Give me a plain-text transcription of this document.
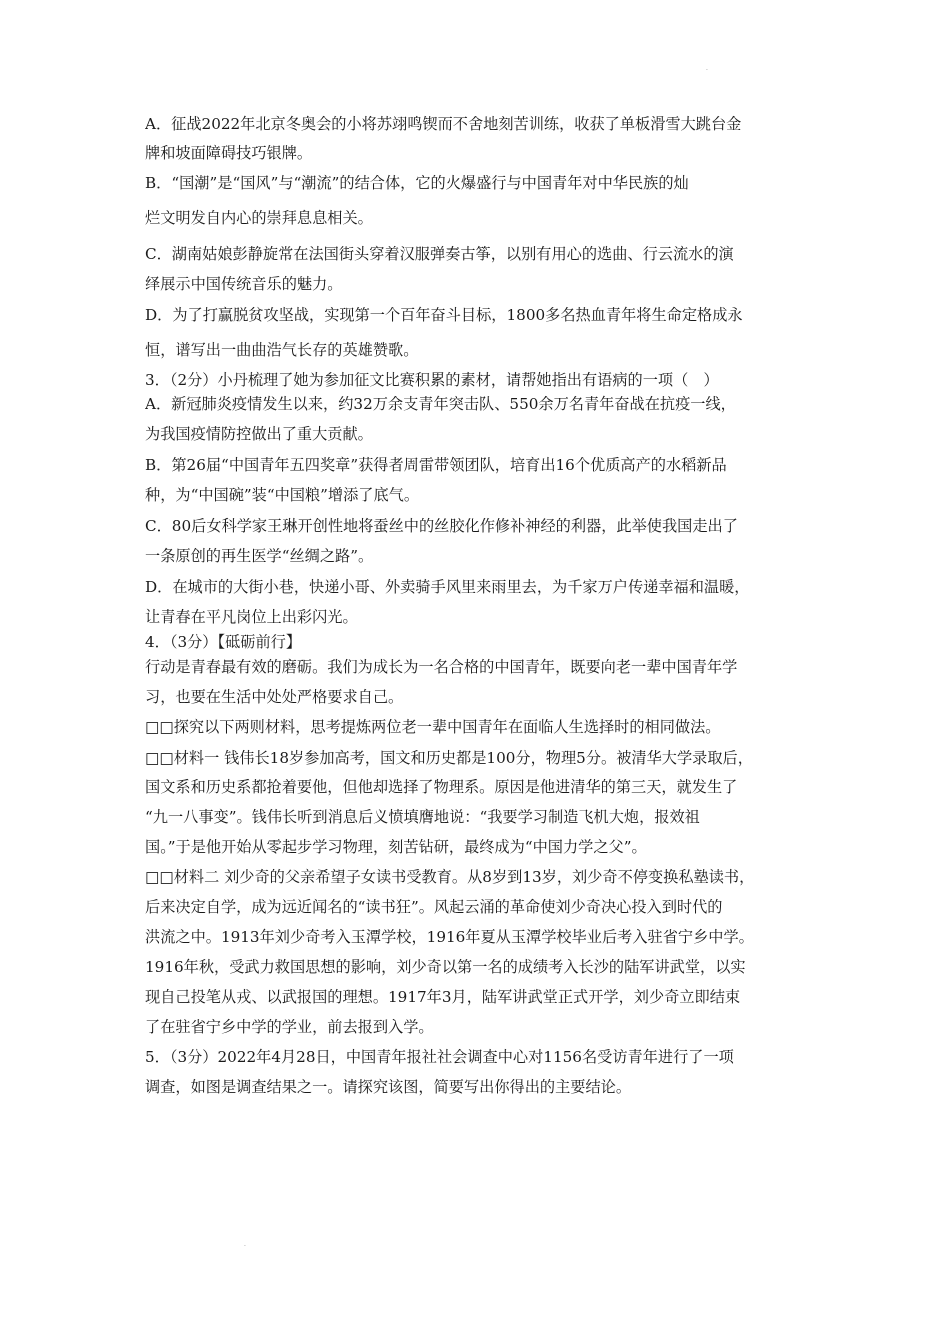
·

A．征战2022年北京冬奥会的小将苏翊鸣锲而不舍地刻苦训练，收获了单板滑雪大跳台金

牌和坡面障碍技巧银牌。

B．“国潮”是“国风”与“潮流”的结合体，它的火爆盛行与中国青年对中华民族的灿

烂文明发自内心的崇拜息息相关。

C．湖南姑娘彭静旋常在法国街头穿着汉服弹奏古筝，以别有用心的选曲、行云流水的演

绎展示中国传统音乐的魅力。

D．为了打赢脱贫攻坚战，实现第一个百年奋斗目标，1800多名热血青年将生命定格成永

恒，谱写出一曲曲浩气长存的英雄赞歌。

3．（2分）小丹梳理了她为参加征文比赛积累的素材，请帮她指出有语病的一项（　）

A．新冠肺炎疫情发生以来，约32万余支青年突击队、550余万名青年奋战在抗疫一线，

为我国疫情防控做出了重大贡献。

B．第26届“中国青年五四奖章”获得者周雷带领团队，培育出16个优质高产的水稻新品

种，为“中国碗”装“中国粮”增添了底气。

C．80后女科学家王琳开创性地将蚕丝中的丝胶化作修补神经的利器，此举使我国走出了

一条原创的再生医学“丝绸之路”。

D．在城市的大街小巷，快递小哥、外卖骑手风里来雨里去，为千家万户传递幸福和温暖，

让青春在平凡岗位上出彩闪光。

4．（3分）【砥砺前行】

行动是青春最有效的磨砺。我们为成长为一名合格的中国青年，既要向老一辈中国青年学

习，也要在生活中处处严格要求自己。

□□探究以下两则材料，思考提炼两位老一辈中国青年在面临人生选择时的相同做法。

□□材料一 钱伟长18岁参加高考，国文和历史都是100分，物理5分。被清华大学录取后，

国文系和历史系都抢着要他，但他却选择了物理系。原因是他进清华的第三天，就发生了

“九一八事变”。钱伟长听到消息后义愤填膺地说：“我要学习制造飞机大炮，报效祖

国。”于是他开始从零起步学习物理，刻苦钻研，最终成为“中国力学之父”。

□□材料二 刘少奇的父亲希望子女读书受教育。从8岁到13岁，刘少奇不停变换私塾读书，

后来决定自学，成为远近闻名的“读书狂”。风起云涌的革命使刘少奇决心投入到时代的

洪流之中。1913年刘少奇考入玉潭学校，1916年夏从玉潭学校毕业后考入驻省宁乡中学。

1916年秋，受武力救国思想的影响，刘少奇以第一名的成绩考入长沙的陆军讲武堂，以实

现自己投笔从戎、以武报国的理想。1917年3月，陆军讲武堂正式开学，刘少奇立即结束

了在驻省宁乡中学的学业，前去报到入学。

5．（3分）2022年4月28日，中国青年报社社会调查中心对1156名受访青年进行了一项

调查，如图是调查结果之一。请探究该图，简要写出你得出的主要结论。

·
